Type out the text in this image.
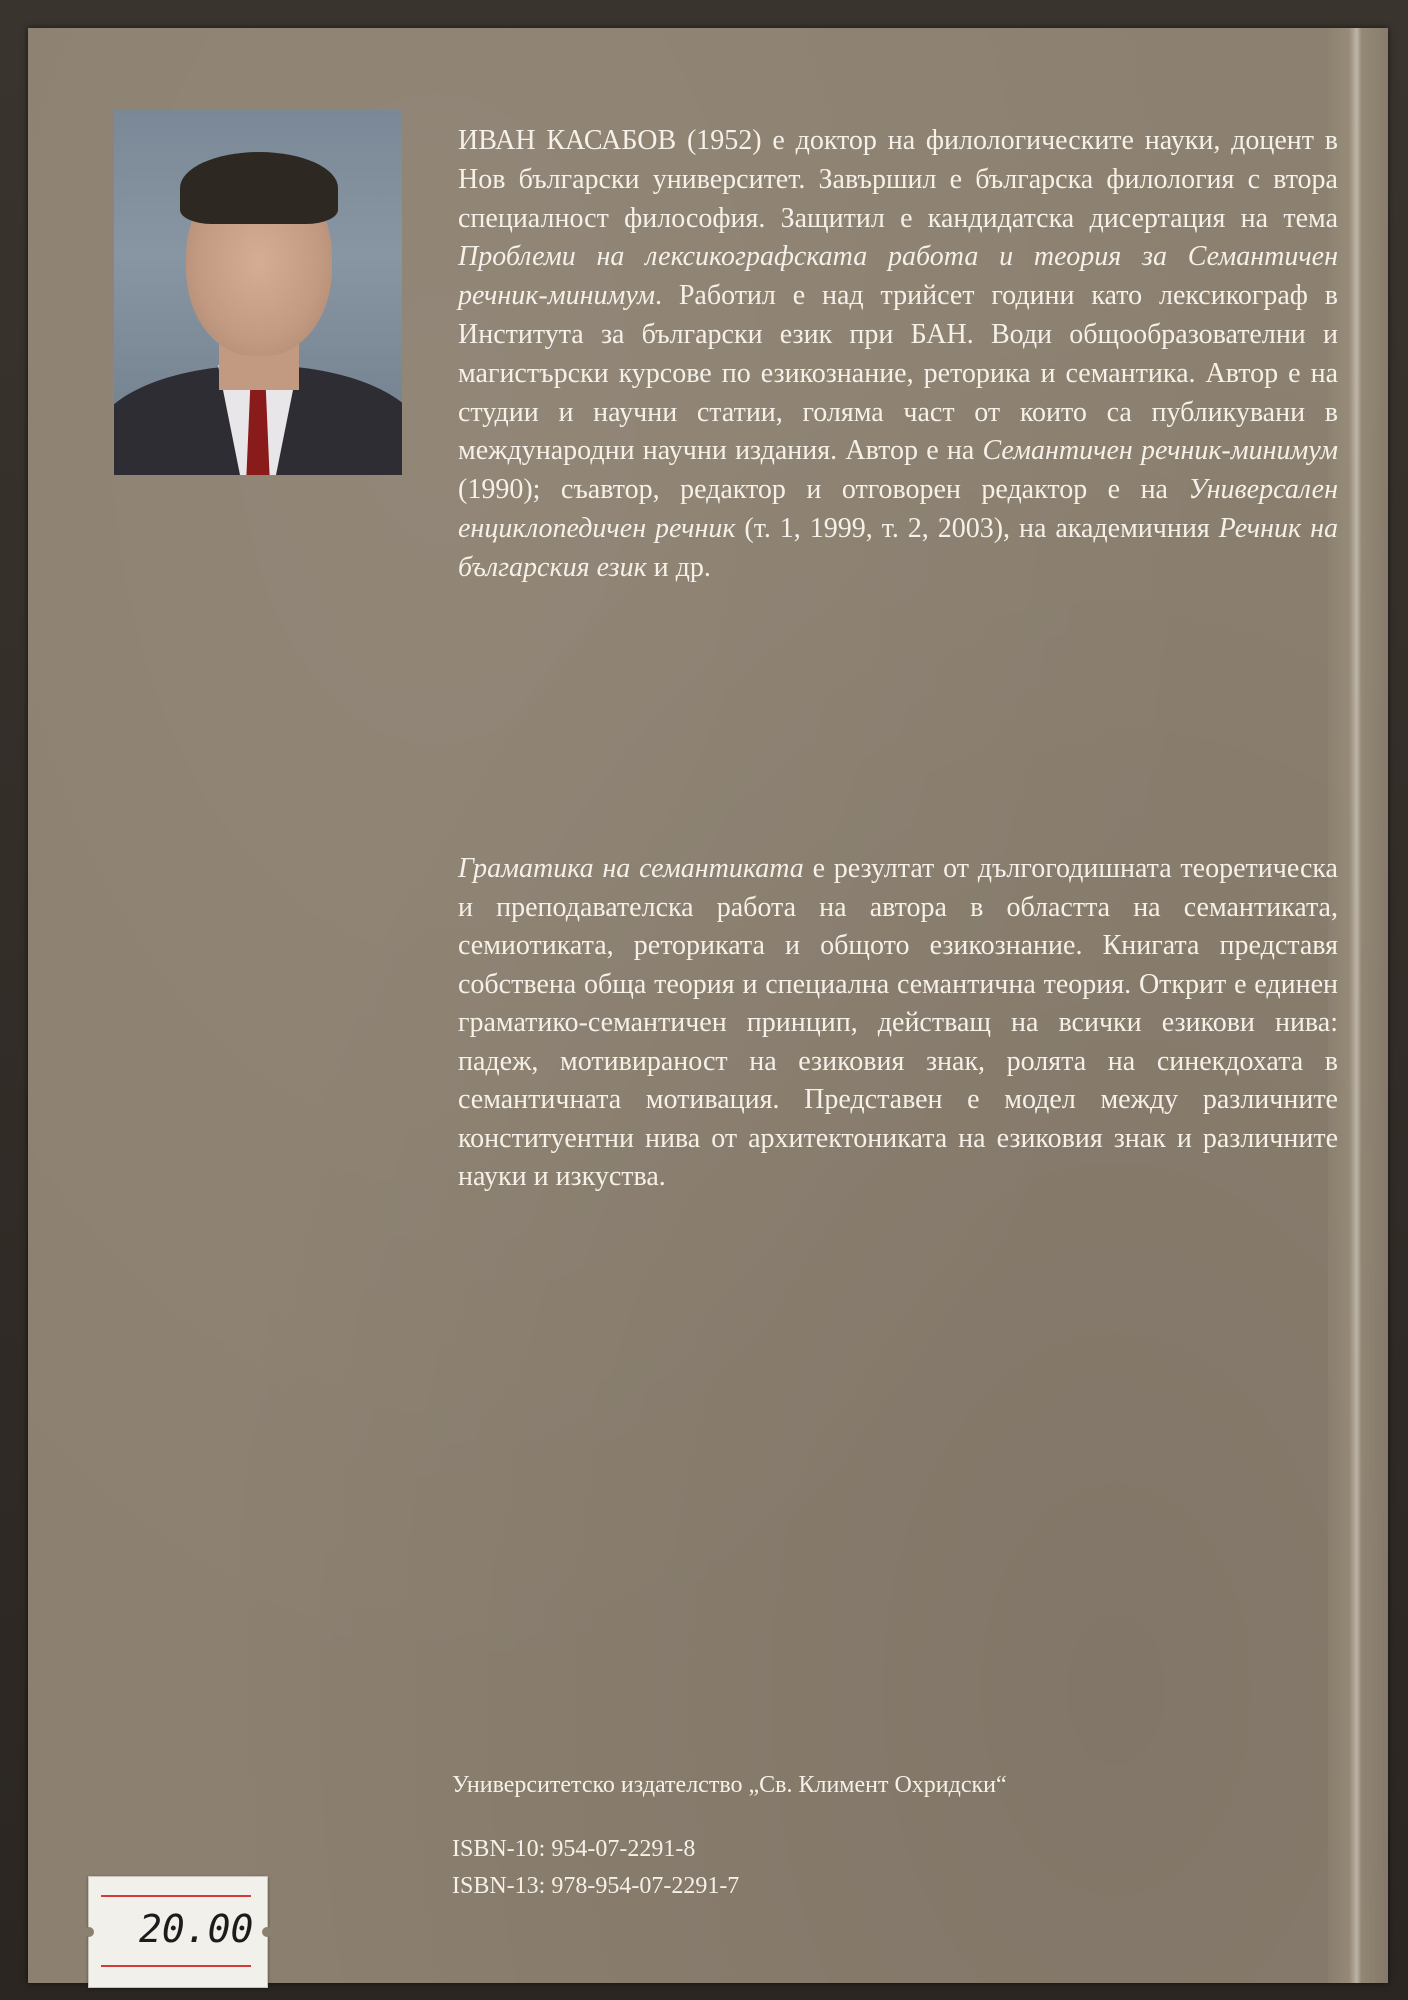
ИВАН КАСАБОВ (1952) е доктор на филологическите науки, доцент в Нов български университет. Завършил е българска филология с втора специалност философия. Защитил е кандидатска дисертация на тема Проблеми на лексикографската работа и теория за Семантичен речник-минимум. Работил е над трийсет години като лексикограф в Института за български език при БАН. Води общообразователни и магистърски курсове по езикознание, реторика и семантика. Автор е на студии и научни статии, голяма част от които са публикувани в международни научни издания. Автор е на Семантичен речник-минимум (1990); съавтор, редактор и отговорен редактор е на Универсален енциклопедичен речник (т. 1, 1999, т. 2, 2003), на академичния Речник на българския език и др.

Граматика на семантиката е резултат от дългогодишната теоретическа и преподавателска работа на автора в областта на семантиката, семиотиката, реториката и общото езикознание. Книгата представя собствена обща теория и специална семантична теория. Открит е единен граматико-семантичен принцип, действащ на всички езикови нива: падеж, мотивираност на езиковия знак, ролята на синекдохата в семантичната мотивация. Представен е модел между различните конституентни нива от архитектониката на езиковия знак и различните науки и изкуства.

Университетско издателство „Св. Климент Охридски“

ISBN-10: 954-07-2291-8

ISBN-13: 978-954-07-2291-7

20.00
